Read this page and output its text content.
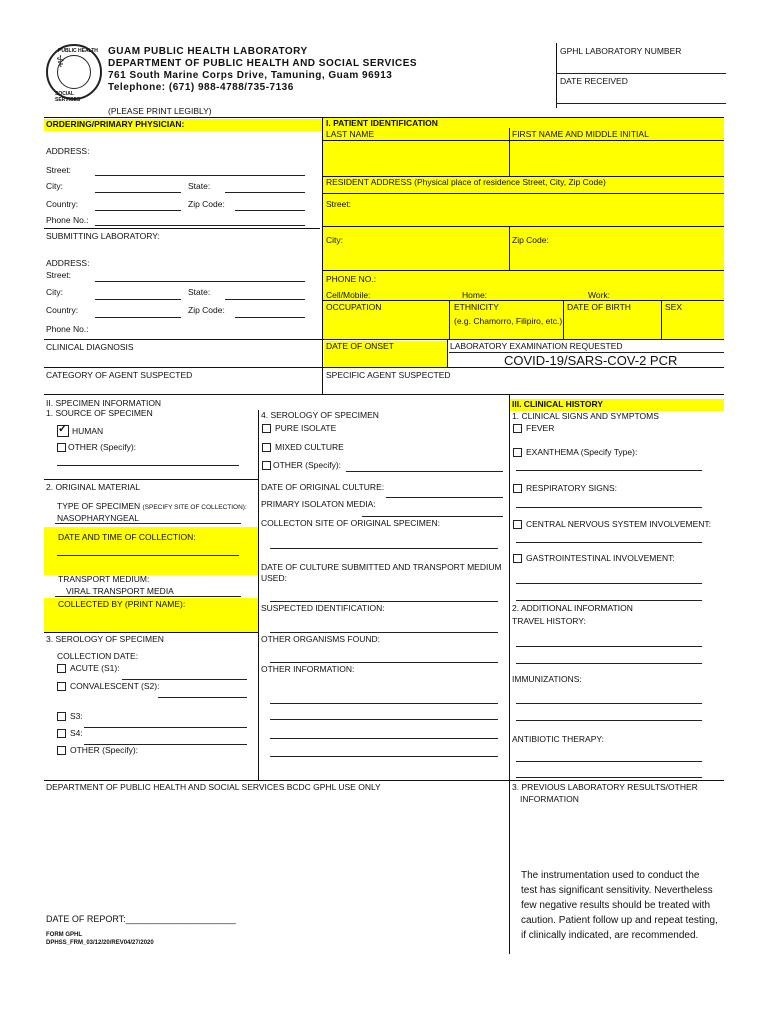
⚕
PUBLIC HEALTH
SOCIAL SERVICES
GUAM PUBLIC HEALTH LABORATORY
DEPARTMENT OF PUBLIC HEALTH AND SOCIAL SERVICES
761 South Marine Corps Drive, Tamuning, Guam 96913
Telephone: (671) 988-4788/735-7136
GPHL LABORATORY NUMBER
DATE RECEIVED
(PLEASE PRINT LEGIBLY)
ORDERING/PRIMARY PHYSICIAN:
ADDRESS:
Street:
City:	State:
Country:	Zip Code:
Phone No.:
SUBMITTING LABORATORY:
ADDRESS:
Street:
City:	State:
Country:	Zip Code:
Phone No.:
CLINICAL DIAGNOSIS
CATEGORY OF AGENT SUSPECTED
I. PATIENT IDENTIFICATION
LAST NAME	FIRST NAME AND MIDDLE INITIAL
RESIDENT ADDRESS (Physical place of residence Street, City, Zip Code)
Street:
City:	Zip Code:
PHONE NO.:
Cell/Mobile:	Home:	Work:
OCCUPATION	ETHNICITY
(e.g. Chamorro, Filipiro, etc.)
DATE OF BIRTH	SEX
DATE OF ONSET	LABORATORY EXAMINATION REQUESTED
COVID-19/SARS-COV-2 PCR
SPECIFIC AGENT SUSPECTED
II. SPECIMEN INFORMATION
1. SOURCE OF SPECIMEN
✓
HUMAN
OTHER (Specify):
2. ORIGINAL MATERIAL
TYPE OF SPECIMEN (SPECIFY SITE OF COLLECTION):
NASOPHARYNGEAL
DATE AND TIME OF COLLECTION:
TRANSPORT MEDIUM:
VIRAL TRANSPORT MEDIA
COLLECTED BY (PRINT NAME):
3. SEROLOGY OF SPECIMEN
COLLECTION DATE:
ACUTE (S1):
CONVALESCENT (S2):
S3:
S4:
OTHER (Specify):
4. SEROLOGY OF SPECIMEN
PURE ISOLATE
MIXED CULTURE
OTHER (Specify):
DATE OF ORIGINAL CULTURE:
PRIMARY ISOLATON MEDIA:
COLLECTON SITE OF ORIGINAL SPECIMEN:
DATE OF CULTURE SUBMITTED AND TRANSPORT MEDIUM
USED:
SUSPECTED IDENTIFICATION:
OTHER ORGANISMS FOUND:
OTHER INFORMATION:
III. CLINICAL HISTORY
1. CLINICAL SIGNS AND SYMPTOMS
FEVER
EXANTHEMA (Specify Type):
RESPIRATORY SIGNS:
CENTRAL NERVOUS SYSTEM INVOLVEMENT:
GASTROINTESTINAL INVOLVEMENT:
2. ADDITIONAL INFORMATION
TRAVEL HISTORY:
IMMUNIZATIONS:
ANTIBIOTIC THERAPY:
DEPARTMENT OF PUBLIC HEALTH AND SOCIAL SERVICES BCDC GPHL USE ONLY	3. PREVIOUS LABORATORY RESULTS/OTHER
INFORMATION
The instrumentation used to conduct the
test has significant sensitivity. Nevertheless
few negative results should be treated with
caution. Patient follow up and repeat testing,
if clinically indicated, are recommended.
DATE OF REPORT:______________________
FORM GPHL
DPHSS_FRM_03/12/20/REV04/27/2020
